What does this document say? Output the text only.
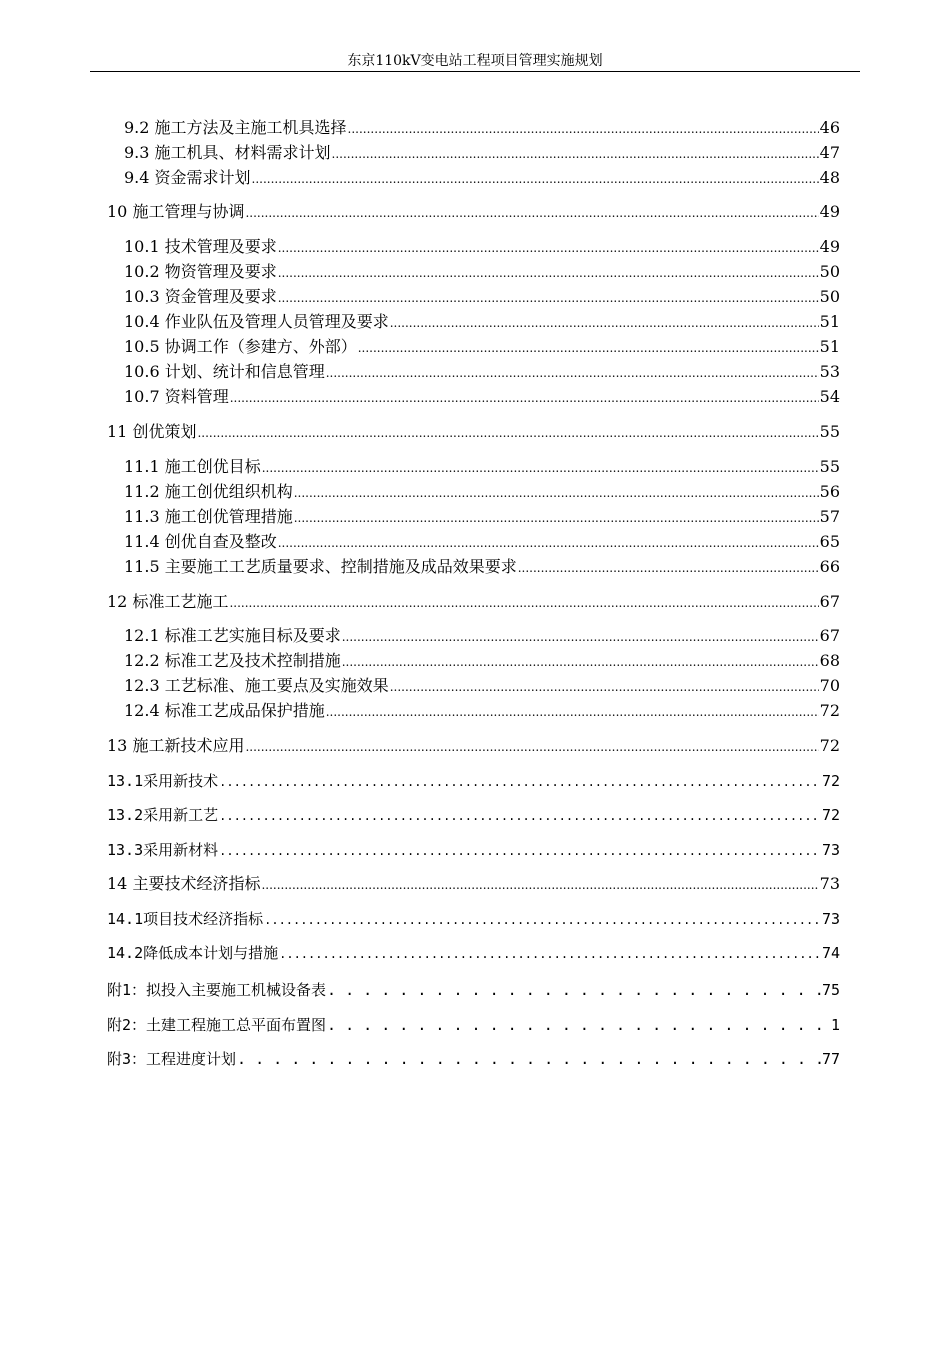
东京110kV变电站工程项目管理实施规划
9.2 施工方法及主施工机具选择 .....	46
9.3 施工机具、材料需求计划 .....	47
9.4 资金需求计划 .....	48
10 施工管理与协调 .....	49
10.1 技术管理及要求 .....	49
10.2 物资管理及要求 .....	50
10.3 资金管理及要求 .....	50
10.4 作业队伍及管理人员管理及要求 .....	51
10.5 协调工作（参建方、外部） .....	51
10.6 计划、统计和信息管理 .....	53
10.7 资料管理 .....	54
11 创优策划 .....	55
11.1 施工创优目标 .....	55
11.2 施工创优组织机构 .....	56
11.3 施工创优管理措施 .....	57
11.4 创优自查及整改 .....	65
11.5 主要施工工艺质量要求、控制措施及成品效果要求 .....	66
12 标准工艺施工 .....	67
12.1 标准工艺实施目标及要求 .....	67
12.2 标准工艺及技术控制措施 .....	68
12.3 工艺标准、施工要点及实施效果 .....	70
12.4 标准工艺成品保护措施 .....	72
13 施工新技术应用 .....	72
13.1采用新技术 .....	72
13.2采用新工艺 .....	72
13.3采用新材料 .....	73
14 主要技术经济指标 .....	73
14.1项目技术经济指标 .....	73
14.2降低成本计划与措施 .....	74
附1：拟投入主要施工机械设备表 . . .	75
附2：土建工程施工总平面布置图 . . .	1
附3：工程进度计划 . . .	77
